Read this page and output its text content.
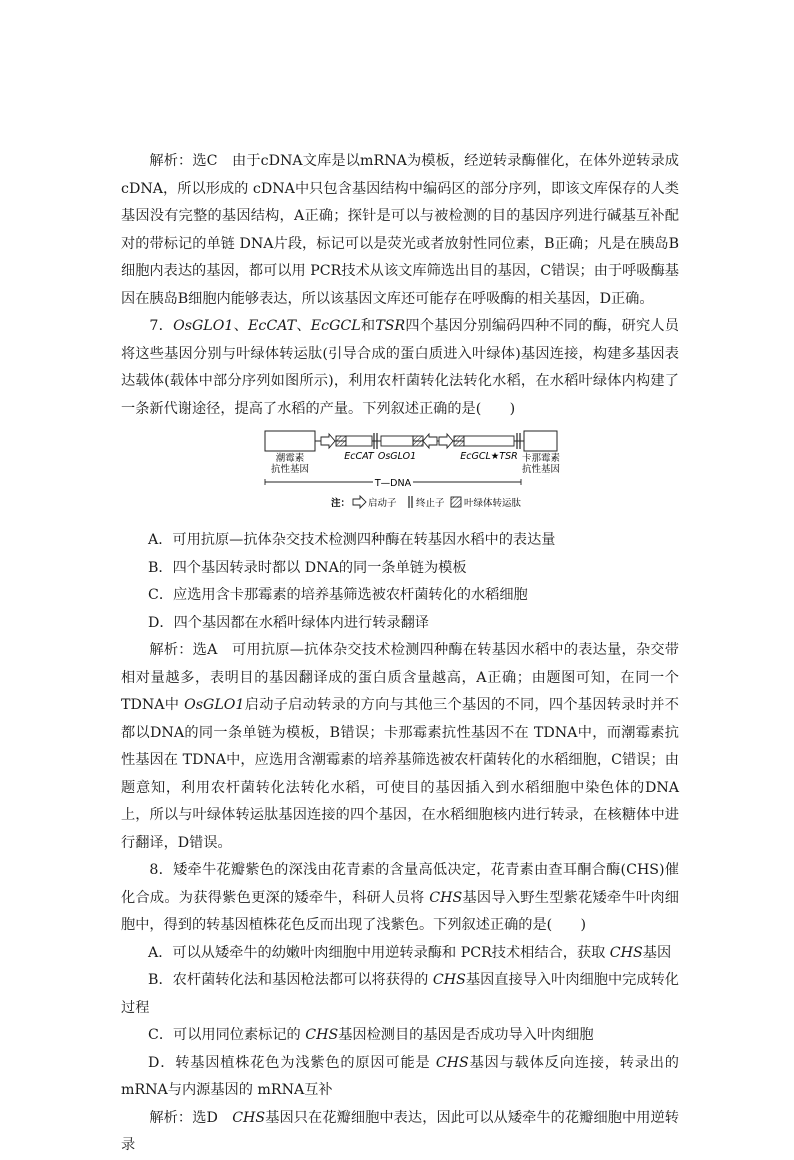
解析：选C　由于cDNA文库是以mRNA为模板，经逆转录酶催化，在体外逆转录成cDNA，所以形成的 cDNA中只包含基因结构中编码区的部分序列，即该文库保存的人类基因没有完整的基因结构，A正确；探针是可以与被检测的目的基因序列进行碱基互补配对的带标记的单链 DNA片段，标记可以是荧光或者放射性同位素，B正确；凡是在胰岛B细胞内表达的基因，都可以用 PCR技术从该文库筛选出目的基因，C错误；由于呼吸酶基因在胰岛B细胞内能够表达，所以该基因文库还可能存在呼吸酶的相关基因，D正确。

7．OsGLO1、EcCAT、EcGCL和TSR四个基因分别编码四种不同的酶，研究人员将这些基因分别与叶绿体转运肽(引导合成的蛋白质进入叶绿体)基因连接，构建多基因表达载体(载体中部分序列如图所示)，利用农杆菌转化法转化水稻，在水稻叶绿体内构建了一条新代谢途径，提高了水稻的产量。下列叙述正确的是(　　)

潮霉素
抗性基因
EcCAT OsGLO1	EcGCL★TSR 卡那霉素
抗性基因
T—DNA
注： 启动子 终止子 叶绿体转运肽

A．可用抗原—抗体杂交技术检测四种酶在转基因水稻中的表达量

B．四个基因转录时都以 DNA的同一条单链为模板

C．应选用含卡那霉素的培养基筛选被农杆菌转化的水稻细胞

D．四个基因都在水稻叶绿体内进行转录翻译

解析：选A　可用抗原—抗体杂交技术检测四种酶在转基因水稻中的表达量，杂交带相对量越多，表明目的基因翻译成的蛋白质含量越高，A正确；由题图可知，在同一个 TDNA中 OsGLO1启动子启动转录的方向与其他三个基因的不同，四个基因转录时并不都以DNA的同一条单链为模板，B错误；卡那霉素抗性基因不在 TDNA中，而潮霉素抗性基因在 TDNA中，应选用含潮霉素的培养基筛选被农杆菌转化的水稻细胞，C错误；由题意知，利用农杆菌转化法转化水稻，可使目的基因插入到水稻细胞中染色体的DNA上，所以与叶绿体转运肽基因连接的四个基因，在水稻细胞核内进行转录，在核糖体中进行翻译，D错误。

8．矮牵牛花瓣紫色的深浅由花青素的含量高低决定，花青素由查耳酮合酶(CHS)催化合成。为获得紫色更深的矮牵牛，科研人员将 CHS基因导入野生型紫花矮牵牛叶肉细胞中，得到的转基因植株花色反而出现了浅紫色。下列叙述正确的是(　　)

A．可以从矮牵牛的幼嫩叶肉细胞中用逆转录酶和 PCR技术相结合，获取 CHS基因

B．农杆菌转化法和基因枪法都可以将获得的 CHS基因直接导入叶肉细胞中完成转化过程

C．可以用同位素标记的 CHS基因检测目的基因是否成功导入叶肉细胞

D．转基因植株花色为浅紫色的原因可能是 CHS基因与载体反向连接，转录出的mRNA与内源基因的 mRNA互补

解析：选D　CHS基因只在花瓣细胞中表达，因此可以从矮牵牛的花瓣细胞中用逆转录
